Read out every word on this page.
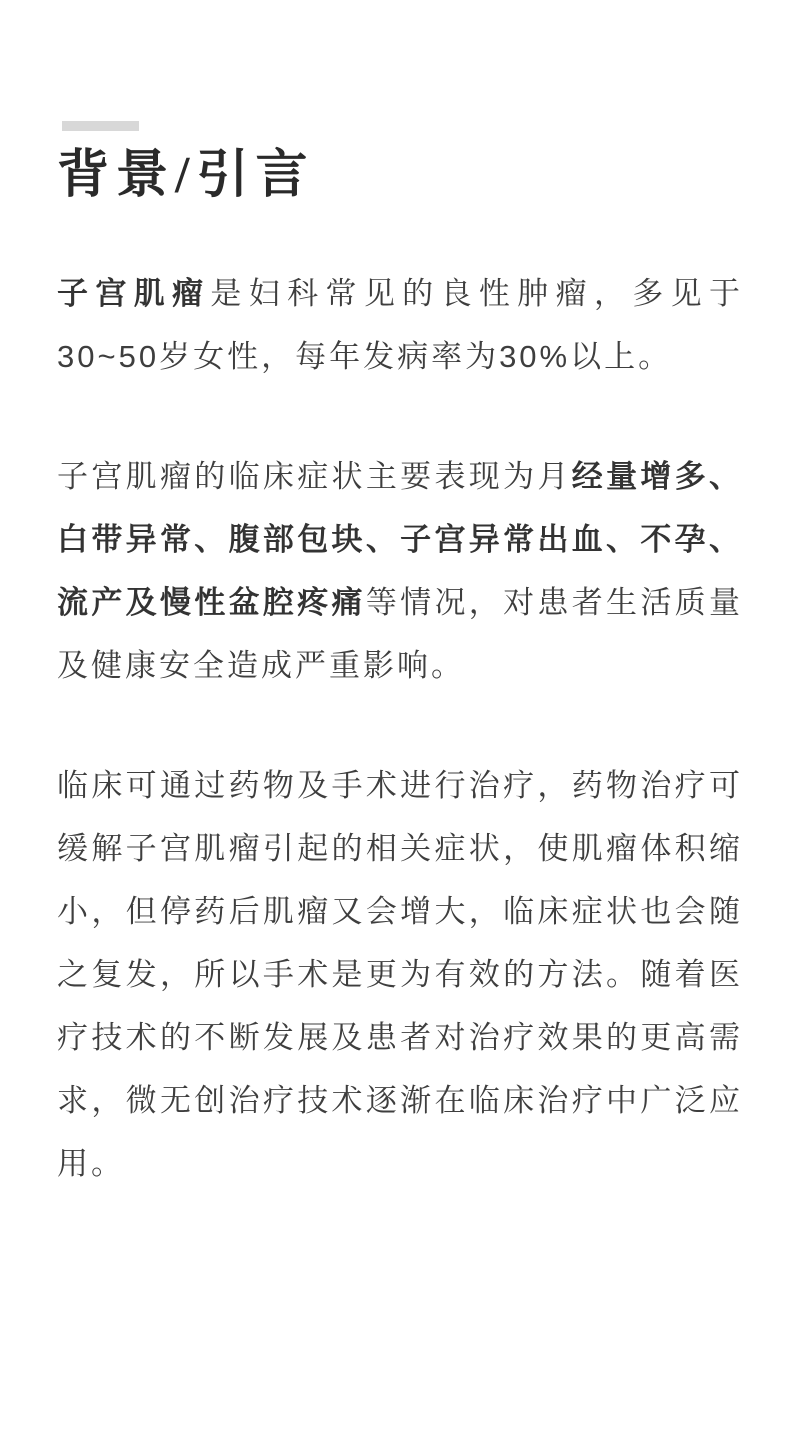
背景/引言

子宫肌瘤是妇科常见的良性肿瘤，多见于30~50岁女性，每年发病率为30%以上。

子宫肌瘤的临床症状主要表现为月经量增多、白带异常、腹部包块、子宫异常出血、不孕、流产及慢性盆腔疼痛等情况，对患者生活质量及健康安全造成严重影响。

临床可通过药物及手术进行治疗，药物治疗可缓解子宫肌瘤引起的相关症状，使肌瘤体积缩小，但停药后肌瘤又会增大，临床症状也会随之复发，所以手术是更为有效的方法。随着医疗技术的不断发展及患者对治疗效果的更高需求，微无创治疗技术逐渐在临床治疗中广泛应用。
